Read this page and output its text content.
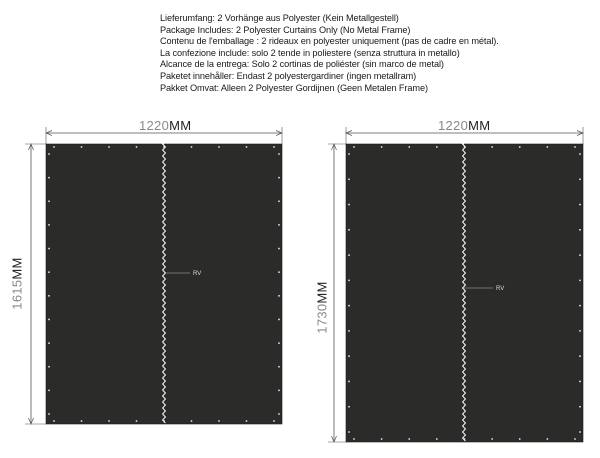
Lieferumfang: 2 Vorhänge aus Polyester (Kein Metallgestell)
Package Includes: 2 Polyester Curtains Only (No Metal Frame)
Contenu de l'emballage : 2 rideaux en polyester uniquement (pas de cadre en métal).
La confezione include: solo 2 tende in poliestere (senza struttura in metallo)
Alcance de la entrega: Solo 2 cortinas de poliéster (sin marco de metal)
Paketet innehåller: Endast 2 polyestergardiner (ingen metallram)
Pakket Omvat: Alleen 2 Polyester Gordijnen (Geen Metalen Frame)
1220MM	1220MM
1615MM
1730MM
RV
RV
